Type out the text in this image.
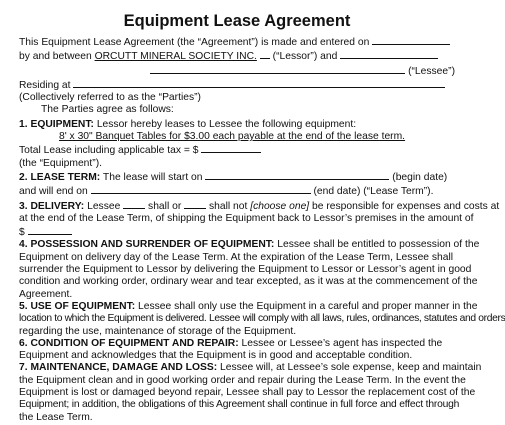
Equipment Lease Agreement
This Equipment Lease Agreement (the “Agreement”) is made and entered on
by and between ORCUTT MINERAL SOCIETY INC. (“Lessor”) and
(“Lessee”)
Residing at
(Collectively referred to as the “Parties”)
The Parties agree as follows:
1. EQUIPMENT: Lessor hereby leases to Lessee the following equipment:
8' x 30" Banquet Tables for $3.00 each payable at the end of the lease term.
Total Lease including applicable tax = $
(the “Equipment”).
2. LEASE TERM: The lease will start on	(begin date)
and will end on	(end date) (“Lease Term”).
3. DELIVERY: Lessee  shall or  shall not [choose one] be responsible for expenses and costs at
at the end of the Lease Term, of shipping the Equipment back to Lessor’s premises in the amount of
$
4. POSSESSION AND SURRENDER OF EQUIPMENT: Lessee shall be entitled to possession of the
Equipment on delivery day of the Lease Term. At the expiration of the Lease Term, Lessee shall
surrender the Equipment to Lessor by delivering the Equipment to Lessor or Lessor’s agent in good
condition and working order, ordinary wear and tear excepted, as it was at the commencement of the
Agreement.
5. USE OF EQUIPMENT: Lessee shall only use the Equipment in a careful and proper manner in the
location to which the Equipment is delivered. Lessee will comply with all laws, rules, ordinances, statutes and orders
regarding the use, maintenance of storage of the Equipment.
6. CONDITION OF EQUIPMENT AND REPAIR: Lessee or Lessee’s agent has inspected the
Equipment and acknowledges that the Equipment is in good and acceptable condition.
7. MAINTENANCE, DAMAGE AND LOSS: Lessee will, at Lessee’s sole expense, keep and maintain
the Equipment clean and in good working order and repair during the Lease Term. In the event the
Equipment is lost or damaged beyond repair, Lessee shall pay to Lessor the replacement cost of the
Equipment; in addition, the obligations of this Agreement shall continue in full force and effect through
the Lease Term.
